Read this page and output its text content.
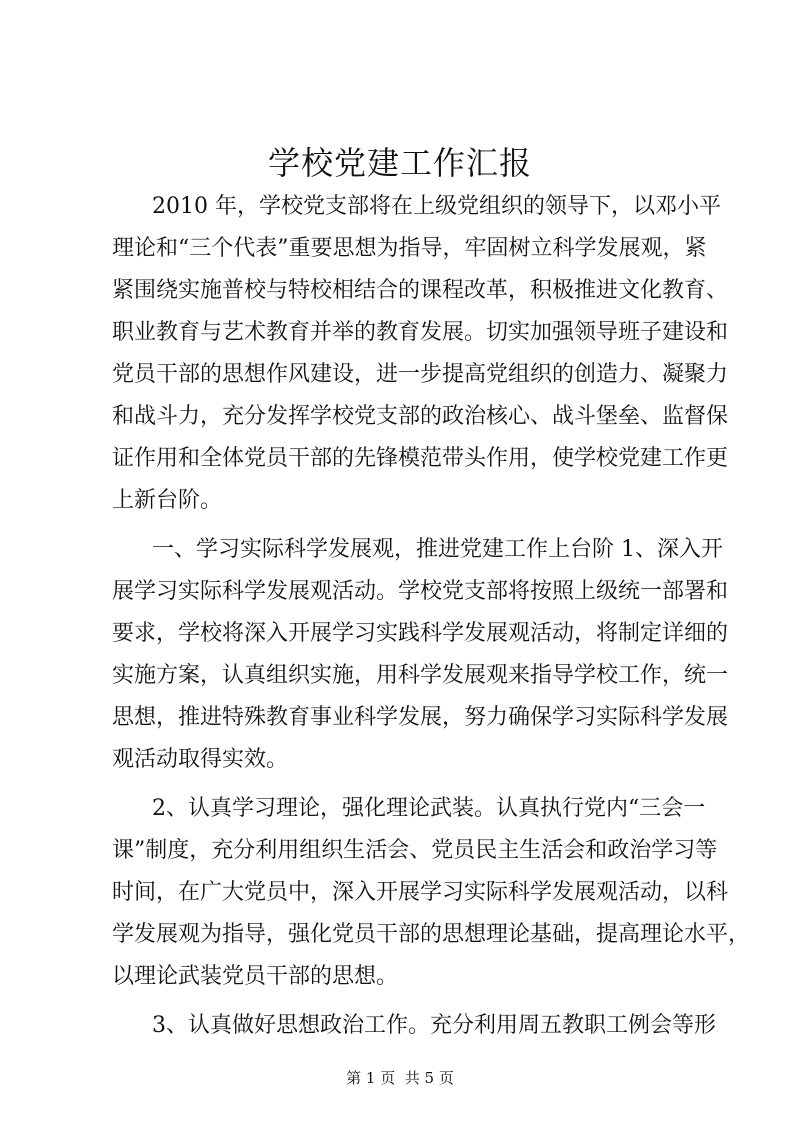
学校党建工作汇报
2010 年，学校党支部将在上级党组织的领导下，以邓小平
理论和“三个代表”重要思想为指导，牢固树立科学发展观，紧
紧围绕实施普校与特校相结合的课程改革，积极推进文化教育、
职业教育与艺术教育并举的教育发展。切实加强领导班子建设和
党员干部的思想作风建设，进一步提高党组织的创造力、凝聚力
和战斗力，充分发挥学校党支部的政治核心、战斗堡垒、监督保
证作用和全体党员干部的先锋模范带头作用，使学校党建工作更
上新台阶。
一、学习实际科学发展观，推进党建工作上台阶 1、深入开
展学习实际科学发展观活动。学校党支部将按照上级统一部署和
要求，学校将深入开展学习实践科学发展观活动，将制定详细的
实施方案，认真组织实施，用科学发展观来指导学校工作，统一
思想，推进特殊教育事业科学发展，努力确保学习实际科学发展
观活动取得实效。
2、认真学习理论，强化理论武装。认真执行党内“三会一
课”制度，充分利用组织生活会、党员民主生活会和政治学习等
时间，在广大党员中，深入开展学习实际科学发展观活动，以科
学发展观为指导，强化党员干部的思想理论基础，提高理论水平，
以理论武装党员干部的思想。
3、认真做好思想政治工作。充分利用周五教职工例会等形
第 1 页  共 5 页
